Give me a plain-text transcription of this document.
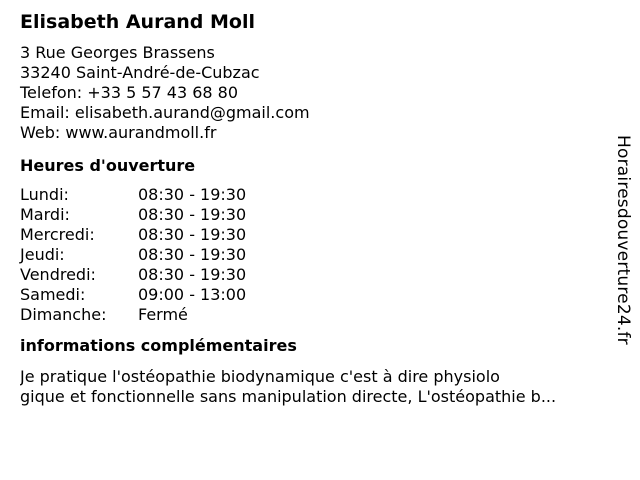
Elisabeth Aurand Moll
3 Rue Georges Brassens
33240 Saint-André-de-Cubzac
Telefon: +33 5 57 43 68 80
Email: elisabeth.aurand@gmail.com
Web: www.aurandmoll.fr
Heures d'ouverture
Lundi:	08:30 - 19:30
Mardi:	08:30 - 19:30
Mercredi:	08:30 - 19:30
Jeudi:	08:30 - 19:30
Vendredi:	08:30 - 19:30
Samedi:	09:00 - 13:00
Dimanche:	Fermé
informations complémentaires
Je pratique l'ostéopathie biodynamique c'est à dire physiolo
gique et fonctionnelle sans manipulation directe, L'ostéopathie b...
Horairesdouverture24.fr
